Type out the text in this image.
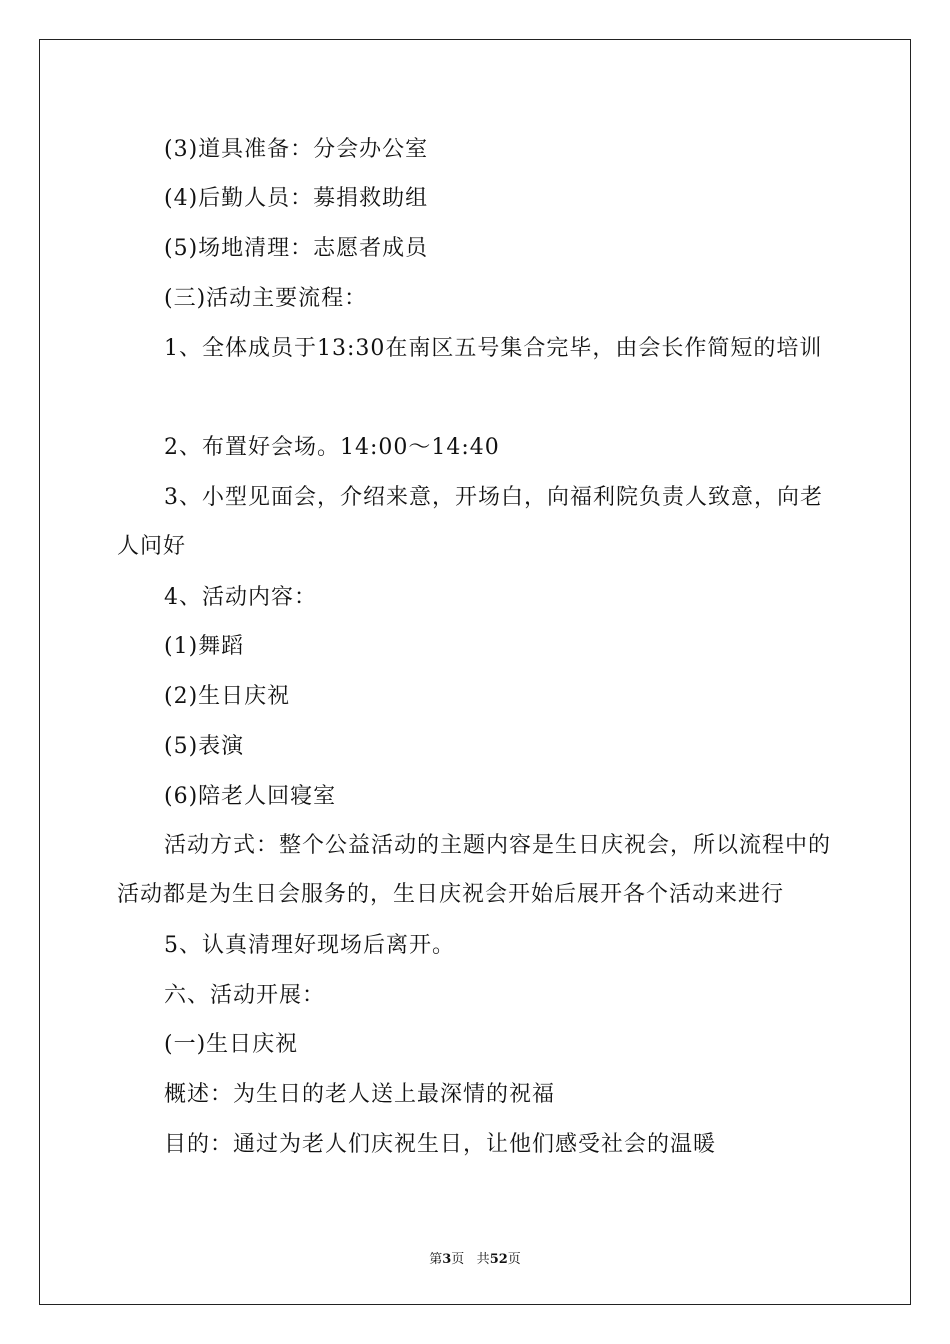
(3)道具准备：分会办公室

(4)后勤人员：募捐救助组

(5)场地清理：志愿者成员

(三)活动主要流程：

1、全体成员于13:30在南区五号集合完毕，由会长作简短的培训

2、布置好会场。14:00～14:40

3、小型见面会，介绍来意，开场白，向福利院负责人致意，向老人问好

4、活动内容：

(1)舞蹈

(2)生日庆祝

(5)表演

(6)陪老人回寝室

活动方式：整个公益活动的主题内容是生日庆祝会，所以流程中的活动都是为生日会服务的，生日庆祝会开始后展开各个活动来进行

5、认真清理好现场后离开。

六、活动开展：

(一)生日庆祝

概述：为生日的老人送上最深情的祝福

目的：通过为老人们庆祝生日，让他们感受社会的温暖

第3页 共52页
